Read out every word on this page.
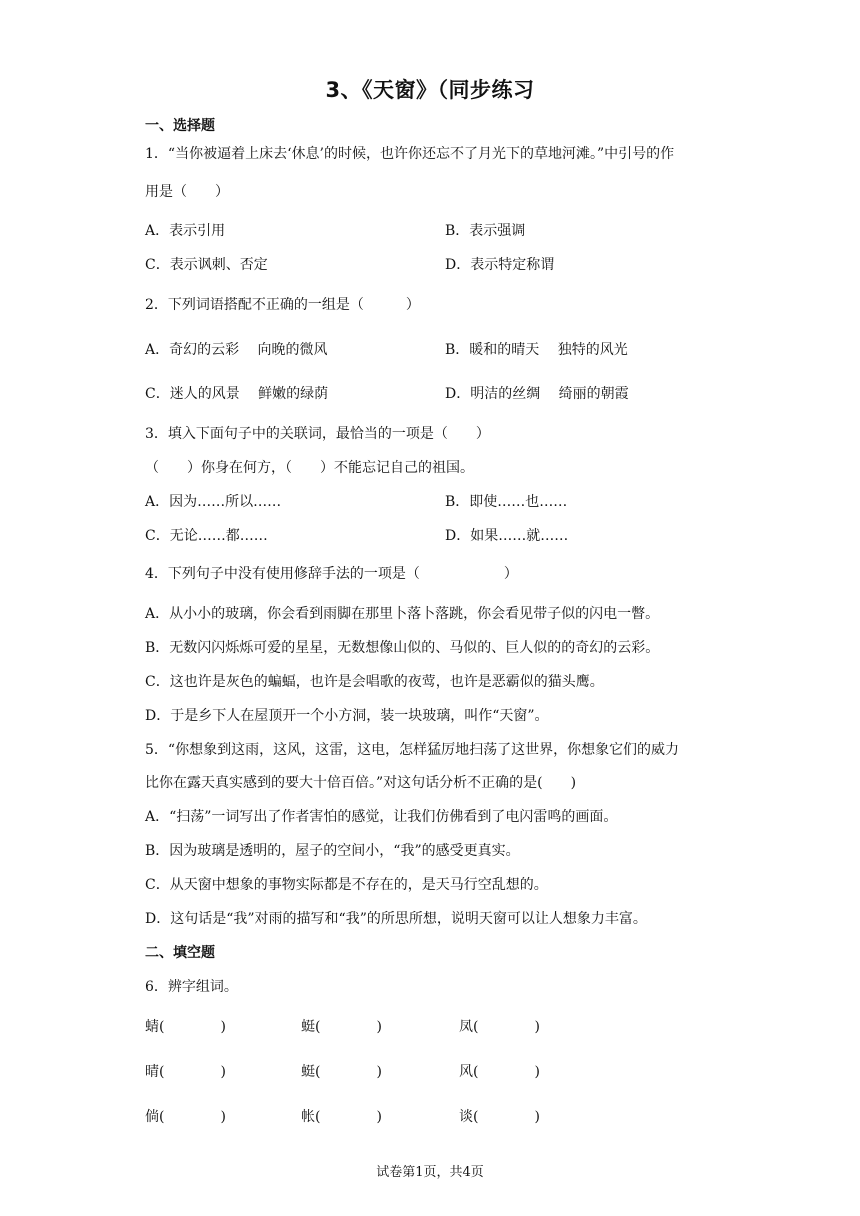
3、《天窗》（同步练习
一、选择题
1．“当你被逼着上床去‘休息’的时候，也许你还忘不了月光下的草地河滩。”中引号的作
用是（　　）
A．表示引用	B．表示强调
C．表示讽刺、否定	D．表示特定称谓
2．下列词语搭配不正确的一组是（　　　）
A．奇幻的云彩　 向晚的微风	B．暖和的晴天　 独特的风光
C．迷人的风景　 鲜嫩的绿荫	D．明洁的丝绸　 绮丽的朝霞
3．填入下面句子中的关联词，最恰当的一项是（　　）
（　　）你身在何方，（　　）不能忘记自己的祖国。
A．因为……所以……	B．即使……也……
C．无论……都……	D．如果……就……
4．下列句子中没有使用修辞手法的一项是（　　　　　　）
A．从小小的玻璃，你会看到雨脚在那里卜落卜落跳，你会看见带子似的闪电一瞥。
B．无数闪闪烁烁可爱的星星，无数想像山似的、马似的、巨人似的的奇幻的云彩。
C．这也许是灰色的蝙蝠，也许是会唱歌的夜莺，也许是恶霸似的猫头鹰。
D．于是乡下人在屋顶开一个小方洞，装一块玻璃，叫作“天窗”。
5．“你想象到这雨，这风，这雷，这电，怎样猛厉地扫荡了这世界，你想象它们的威力
比你在露天真实感到的要大十倍百倍。”对这句话分析不正确的是(　　)
A．“扫荡”一词写出了作者害怕的感觉，让我们仿佛看到了电闪雷鸣的画面。
B．因为玻璃是透明的，屋子的空间小，“我”的感受更真实。
C．从天窗中想象的事物实际都是不存在的，是天马行空乱想的。
D．这句话是“我”对雨的描写和“我”的所思所想，说明天窗可以让人想象力丰富。
二、填空题
6．辨字组词。
蜻(　　　　)	蜓(　　　　)	凤(　　　　)
晴(　　　　)	蜓(　　　　)	风(　　　　)
倘(　　　　)	帐(　　　　)	谈(　　　　)
试卷第1页，共4页
